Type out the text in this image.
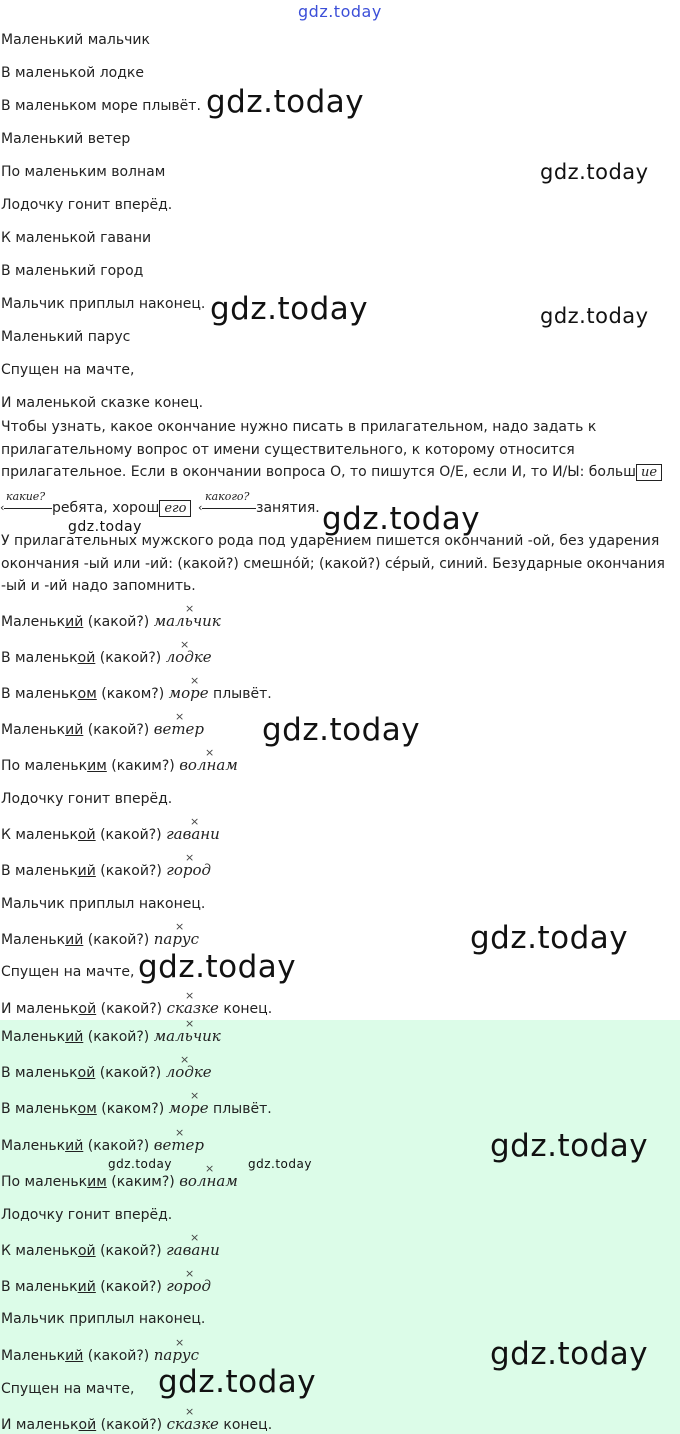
gdz.today
Маленький мальчик
В маленькой лодке
В маленьком море плывёт.
Маленький ветер
По маленьким волнам
Лодочку гонит вперёд.
К маленькой гавани
В маленький город
Мальчик приплыл наконец.
Маленький парус
Спущен на мачте,
И маленькой сказке конец.
Чтобы узнать, какое окончание нужно писать в прилагательном, надо задать к прилагательному вопрос от имени существительного, к которому относится прилагательное. Если в окончании вопроса О, то пишутся О/Е, если И, то И/Ы: больш ие
ребята, хорош его	занятия.
какие?
‹
какого?
‹
У прилагательных мужского рода под ударением пишется окончаний -ой, без ударения окончания -ый или -ий: (какой?) смешно́й; (какой?) се́рый, синий. Безударные окончания -ый и -ий надо запомнить.
Маленький (какой?) мальчик
В маленькой (какой?) лодке
В маленьком (каком?) море плывёт.
Маленький (какой?) ветер
По маленьким (каким?) волнам
Лодочку гонит вперёд.
К маленькой (какой?) гавани
В маленький (какой?) город
Мальчик приплыл наконец.
Маленький (какой?) парус
Спущен на мачте,
И маленькой (какой?) сказке конец.
×
×
×
×
×
×
×
×
×
Маленький (какой?) мальчик
В маленькой (какой?) лодке
В маленьком (каком?) море плывёт.
Маленький (какой?) ветер
По маленьким (каким?) волнам
Лодочку гонит вперёд.
К маленькой (какой?) гавани
В маленький (какой?) город
Мальчик приплыл наконец.
Маленький (какой?) парус
Спущен на мачте,
И маленькой (какой?) сказке конец.
×
×
×
×
×
×
×
×
×
gdz.today
gdz.today
gdz.today	gdz.today
gdz.today
gdz.today
gdz.today
gdz.today
gdz.today
gdz.today
gdz.today	gdz.today
gdz.today
gdz.today
